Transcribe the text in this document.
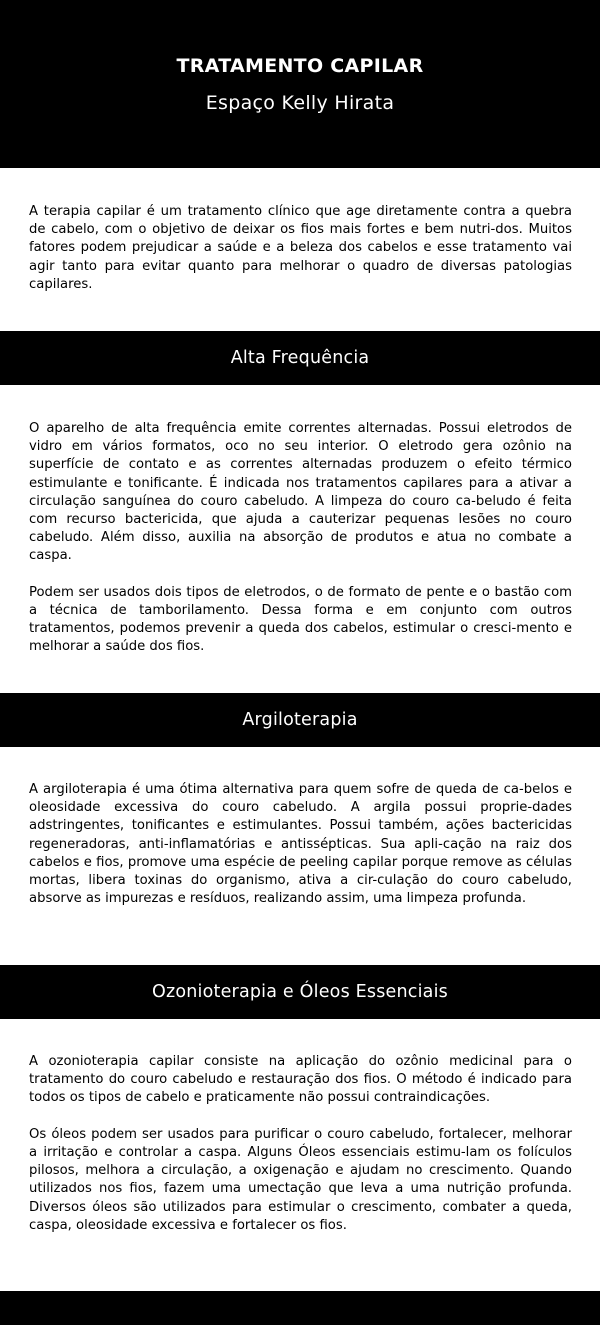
TRATAMENTO CAPILAR
Espaço Kelly Hirata

A terapia capilar é um tratamento clínico que age diretamente contra a quebra de cabelo, com o objetivo de deixar os fios mais fortes e bem nutri-dos. Muitos fatores podem prejudicar a saúde e a beleza dos cabelos e esse tratamento vai agir tanto para evitar quanto para melhorar o quadro de diversas patologias capilares.

Alta Frequência

O aparelho de alta frequência emite correntes alternadas. Possui eletrodos de vidro em vários formatos, oco no seu interior. O eletrodo gera ozônio na superfície de contato e as correntes alternadas produzem o efeito térmico estimulante e tonificante. É indicada nos tratamentos capilares para a ativar a circulação sanguínea do couro cabeludo. A limpeza do couro ca-beludo é feita com recurso bactericida, que ajuda a cauterizar pequenas lesões no couro cabeludo. Além disso, auxilia na absorção de produtos e atua no combate a caspa.

Podem ser usados dois tipos de eletrodos, o de formato de pente e o bastão com a técnica de tamborilamento. Dessa forma e em conjunto com outros tratamentos, podemos prevenir a queda dos cabelos, estimular o cresci-mento e melhorar a saúde dos fios.

Argiloterapia

A argiloterapia é uma ótima alternativa para quem sofre de queda de ca-belos e oleosidade excessiva do couro cabeludo. A argila possui proprie-dades adstringentes, tonificantes e estimulantes. Possui também, ações bactericidas regeneradoras, anti-inflamatórias e antissépticas. Sua apli-cação na raiz dos cabelos e fios, promove uma espécie de peeling capilar porque remove as células mortas, libera toxinas do organismo, ativa a cir-culação do couro cabeludo, absorve as impurezas e resíduos, realizando assim, uma limpeza profunda.

Ozonioterapia e Óleos Essenciais

A ozonioterapia capilar consiste na aplicação do ozônio medicinal para o tratamento do couro cabeludo e restauração dos fios. O método é indicado para todos os tipos de cabelo e praticamente não possui contraindicações.

Os óleos podem ser usados para purificar o couro cabeludo, fortalecer, melhorar a irritação e controlar a caspa. Alguns Óleos essenciais estimu-lam os folículos pilosos, melhora a circulação, a oxigenação e ajudam no crescimento. Quando utilizados nos fios, fazem uma umectação que leva a uma nutrição profunda. Diversos óleos são utilizados para estimular o crescimento, combater a queda, caspa, oleosidade excessiva e fortalecer os fios.
